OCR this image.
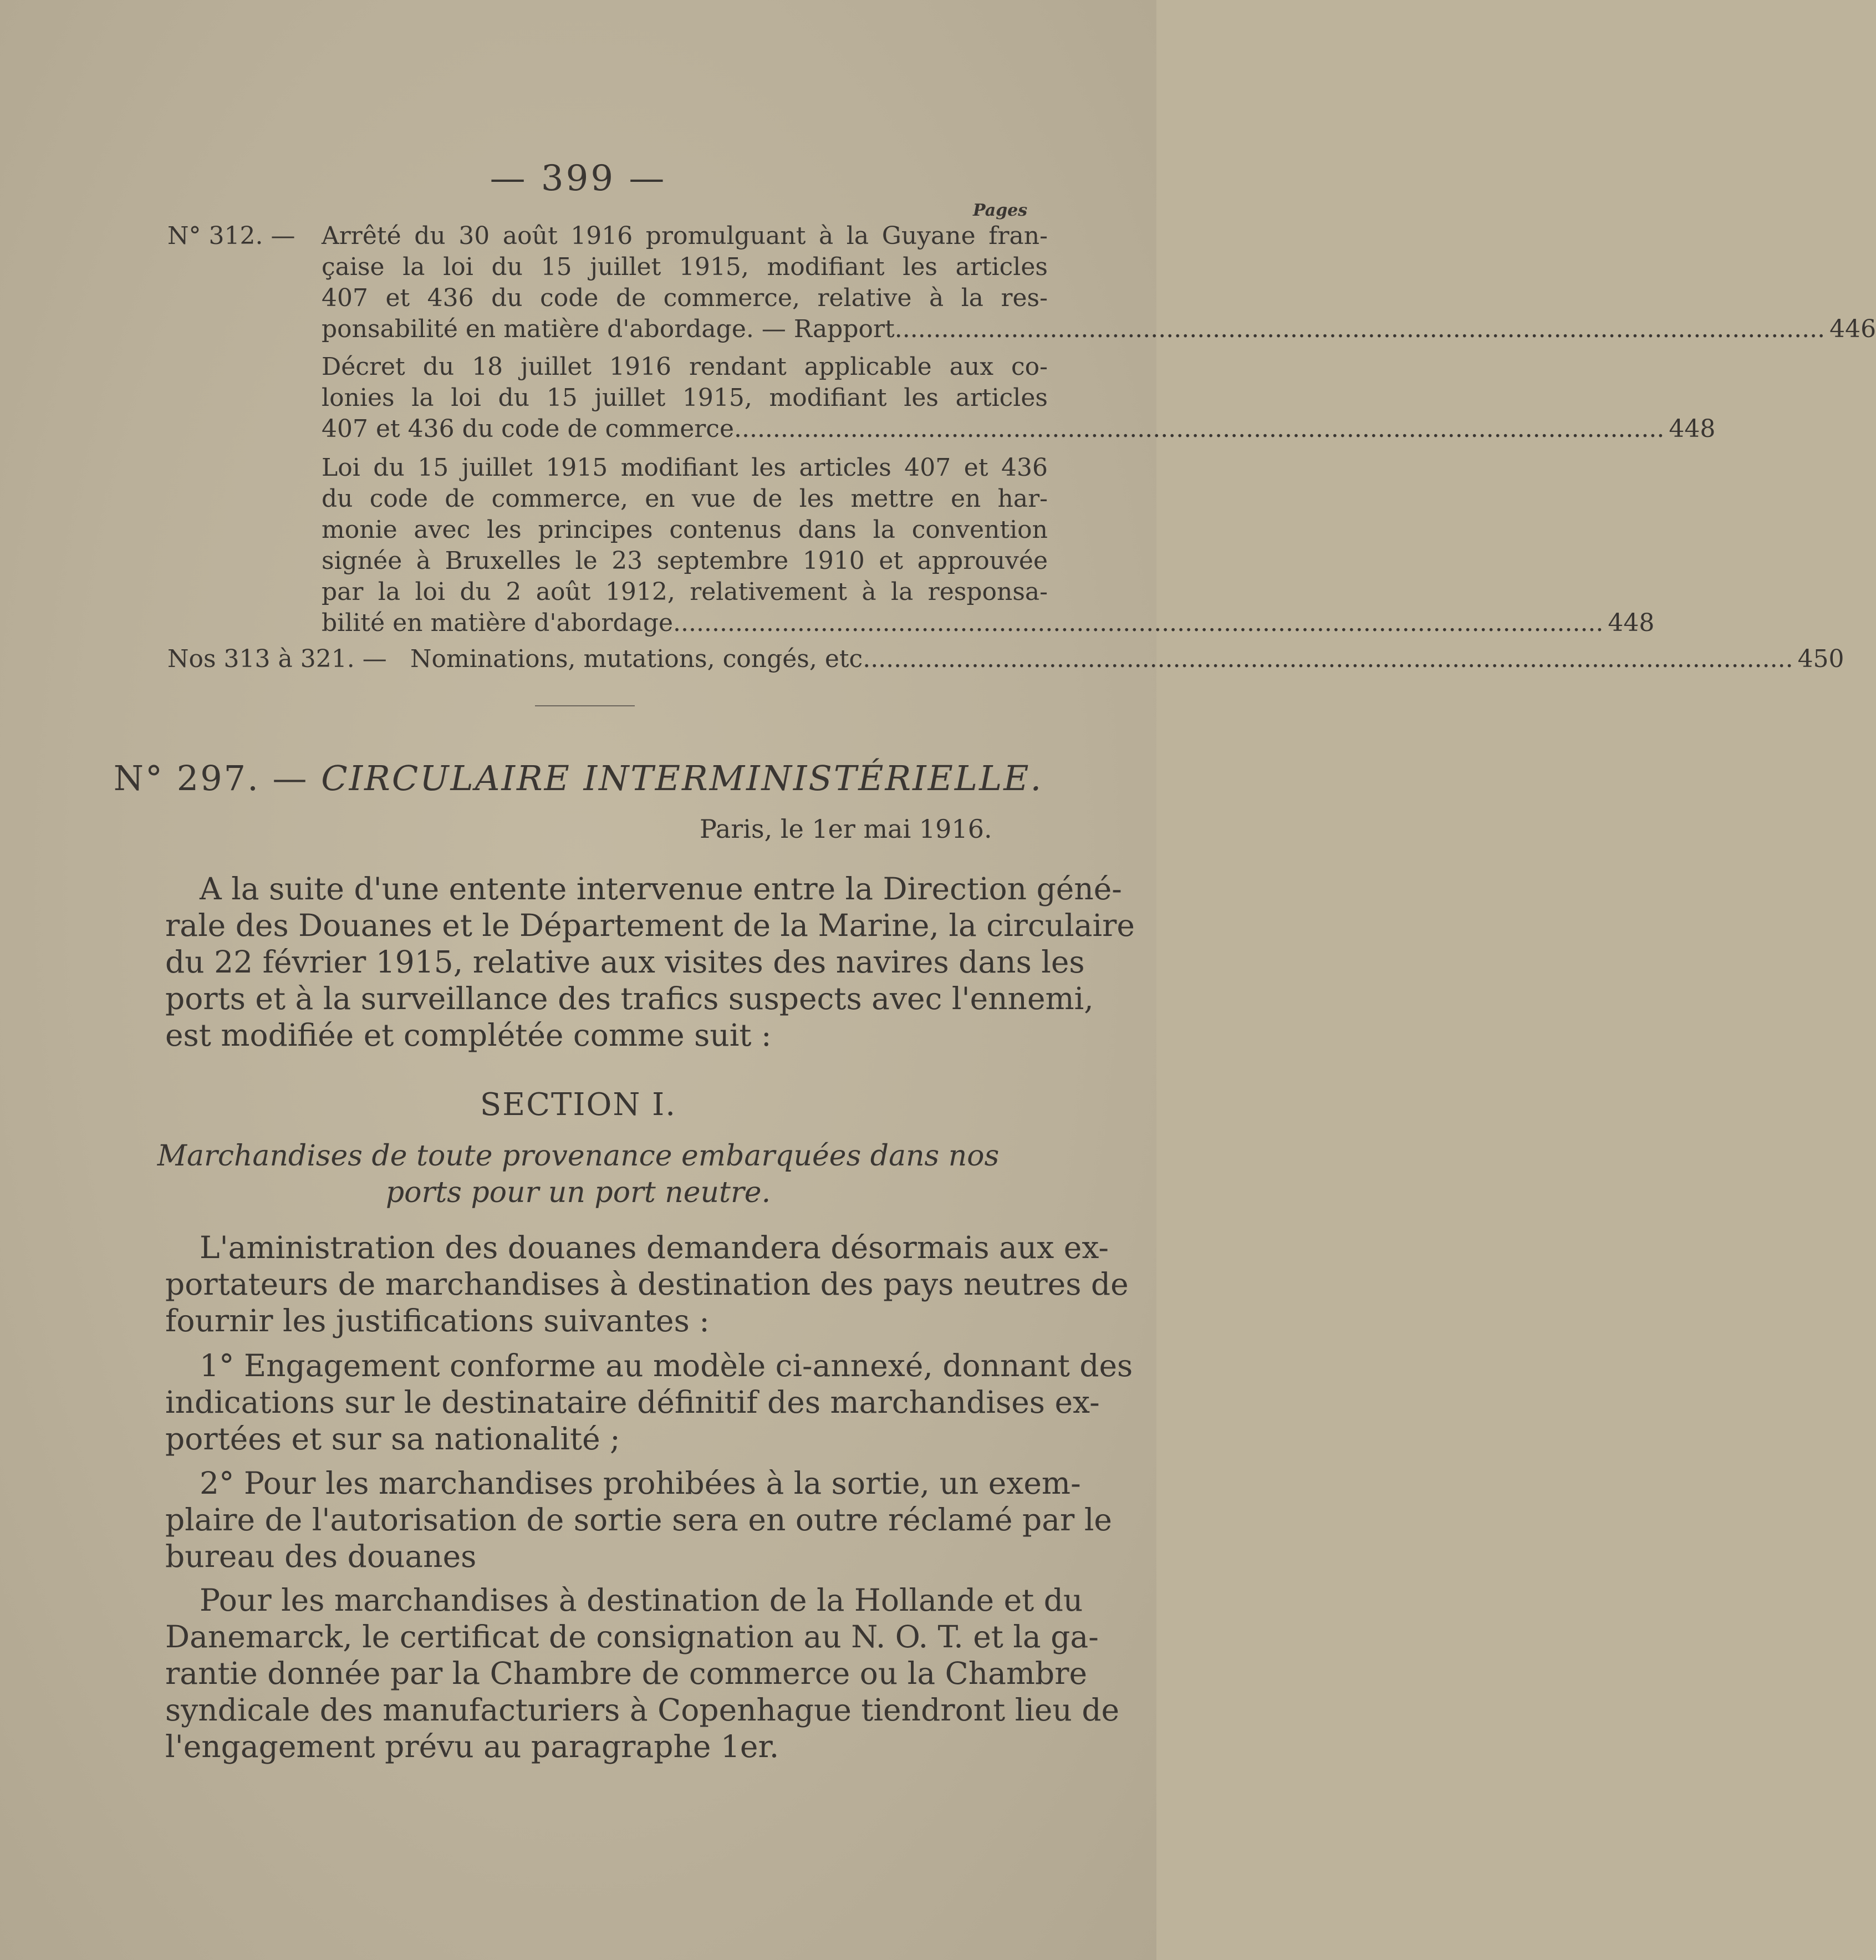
— 399 —
Pages
N° 312. — Arrêté du 30 août 1916 promulguant à la Guyane fran-
çaise la loi du 15 juillet 1915, modifiant les articles
407 et 436 du code de commerce, relative à la res-
ponsabilité en matière d'abordage. — Rapport ........................................................................................................................ 446
Décret du 18 juillet 1916 rendant applicable aux co-
lonies la loi du 15 juillet 1915, modifiant les articles
407 et 436 du code de commerce ........................................................................................................................ 448
Loi du 15 juillet 1915 modifiant les articles 407 et 436
du code de commerce, en vue de les mettre en har-
monie avec les principes contenus dans la convention
signée à Bruxelles le 23 septembre 1910 et approuvée
par la loi du 2 août 1912, relativement à la responsa-
bilité en matière d'abordage ........................................................................................................................ 448
Nos 313 à 321. — Nominations, mutations, congés, etc ........................................................................................................................ 450
N° 297. — CIRCULAIRE INTERMINISTÉRIELLE.
Paris, le 1er mai 1916.
A la suite d'une entente intervenue entre la Direction géné-
rale des Douanes et le Département de la Marine, la circulaire
du 22 février 1915, relative aux visites des navires dans les
ports et à la surveillance des trafics suspects avec l'ennemi,
est modifiée et complétée comme suit :
SECTION I.
Marchandises de toute provenance embarquées dans nos
ports pour un port neutre.
L'aministration des douanes demandera désormais aux ex-
portateurs de marchandises à destination des pays neutres de
fournir les justifications suivantes :
1° Engagement conforme au modèle ci-annexé, donnant des
indications sur le destinataire définitif des marchandises ex-
portées et sur sa nationalité ;
2° Pour les marchandises prohibées à la sortie, un exem-
plaire de l'autorisation de sortie sera en outre réclamé par le
bureau des douanes
Pour les marchandises à destination de la Hollande et du
Danemarck, le certificat de consignation au N. O. T. et la ga-
rantie donnée par la Chambre de commerce ou la Chambre
syndicale des manufacturiers à Copenhague tiendront lieu de
l'engagement prévu au paragraphe 1er.
